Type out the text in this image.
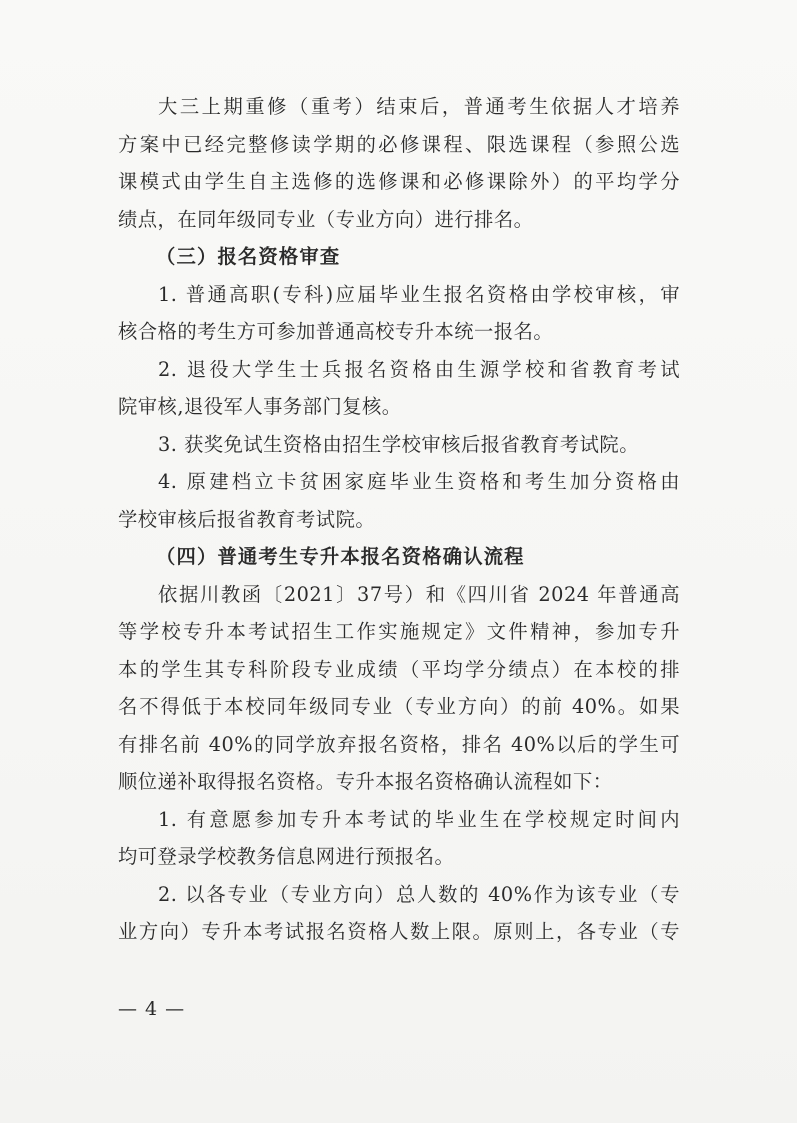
大三上期重修（重考）结束后，普通考生依据人才培养
方案中已经完整修读学期的必修课程、限选课程（参照公选
课模式由学生自主选修的选修课和必修课除外）的平均学分
绩点，在同年级同专业（专业方向）进行排名。
（三）报名资格审查
1. 普通高职(专科)应届毕业生报名资格由学校审核，审
核合格的考生方可参加普通高校专升本统一报名。
2. 退役大学生士兵报名资格由生源学校和省教育考试
院审核,退役军人事务部门复核。
3. 获奖免试生资格由招生学校审核后报省教育考试院。
4. 原建档立卡贫困家庭毕业生资格和考生加分资格由
学校审核后报省教育考试院。
（四）普通考生专升本报名资格确认流程
依据川教函〔2021〕37号）和《四川省 2024 年普通高
等学校专升本考试招生工作实施规定》文件精神，参加专升
本的学生其专科阶段专业成绩（平均学分绩点）在本校的排
名不得低于本校同年级同专业（专业方向）的前 40%。如果
有排名前 40%的同学放弃报名资格，排名 40%以后的学生可
顺位递补取得报名资格。专升本报名资格确认流程如下：
1. 有意愿参加专升本考试的毕业生在学校规定时间内
均可登录学校教务信息网进行预报名。
2. 以各专业（专业方向）总人数的 40%作为该专业（专
业方向）专升本考试报名资格人数上限。原则上，各专业（专
— 4 —
